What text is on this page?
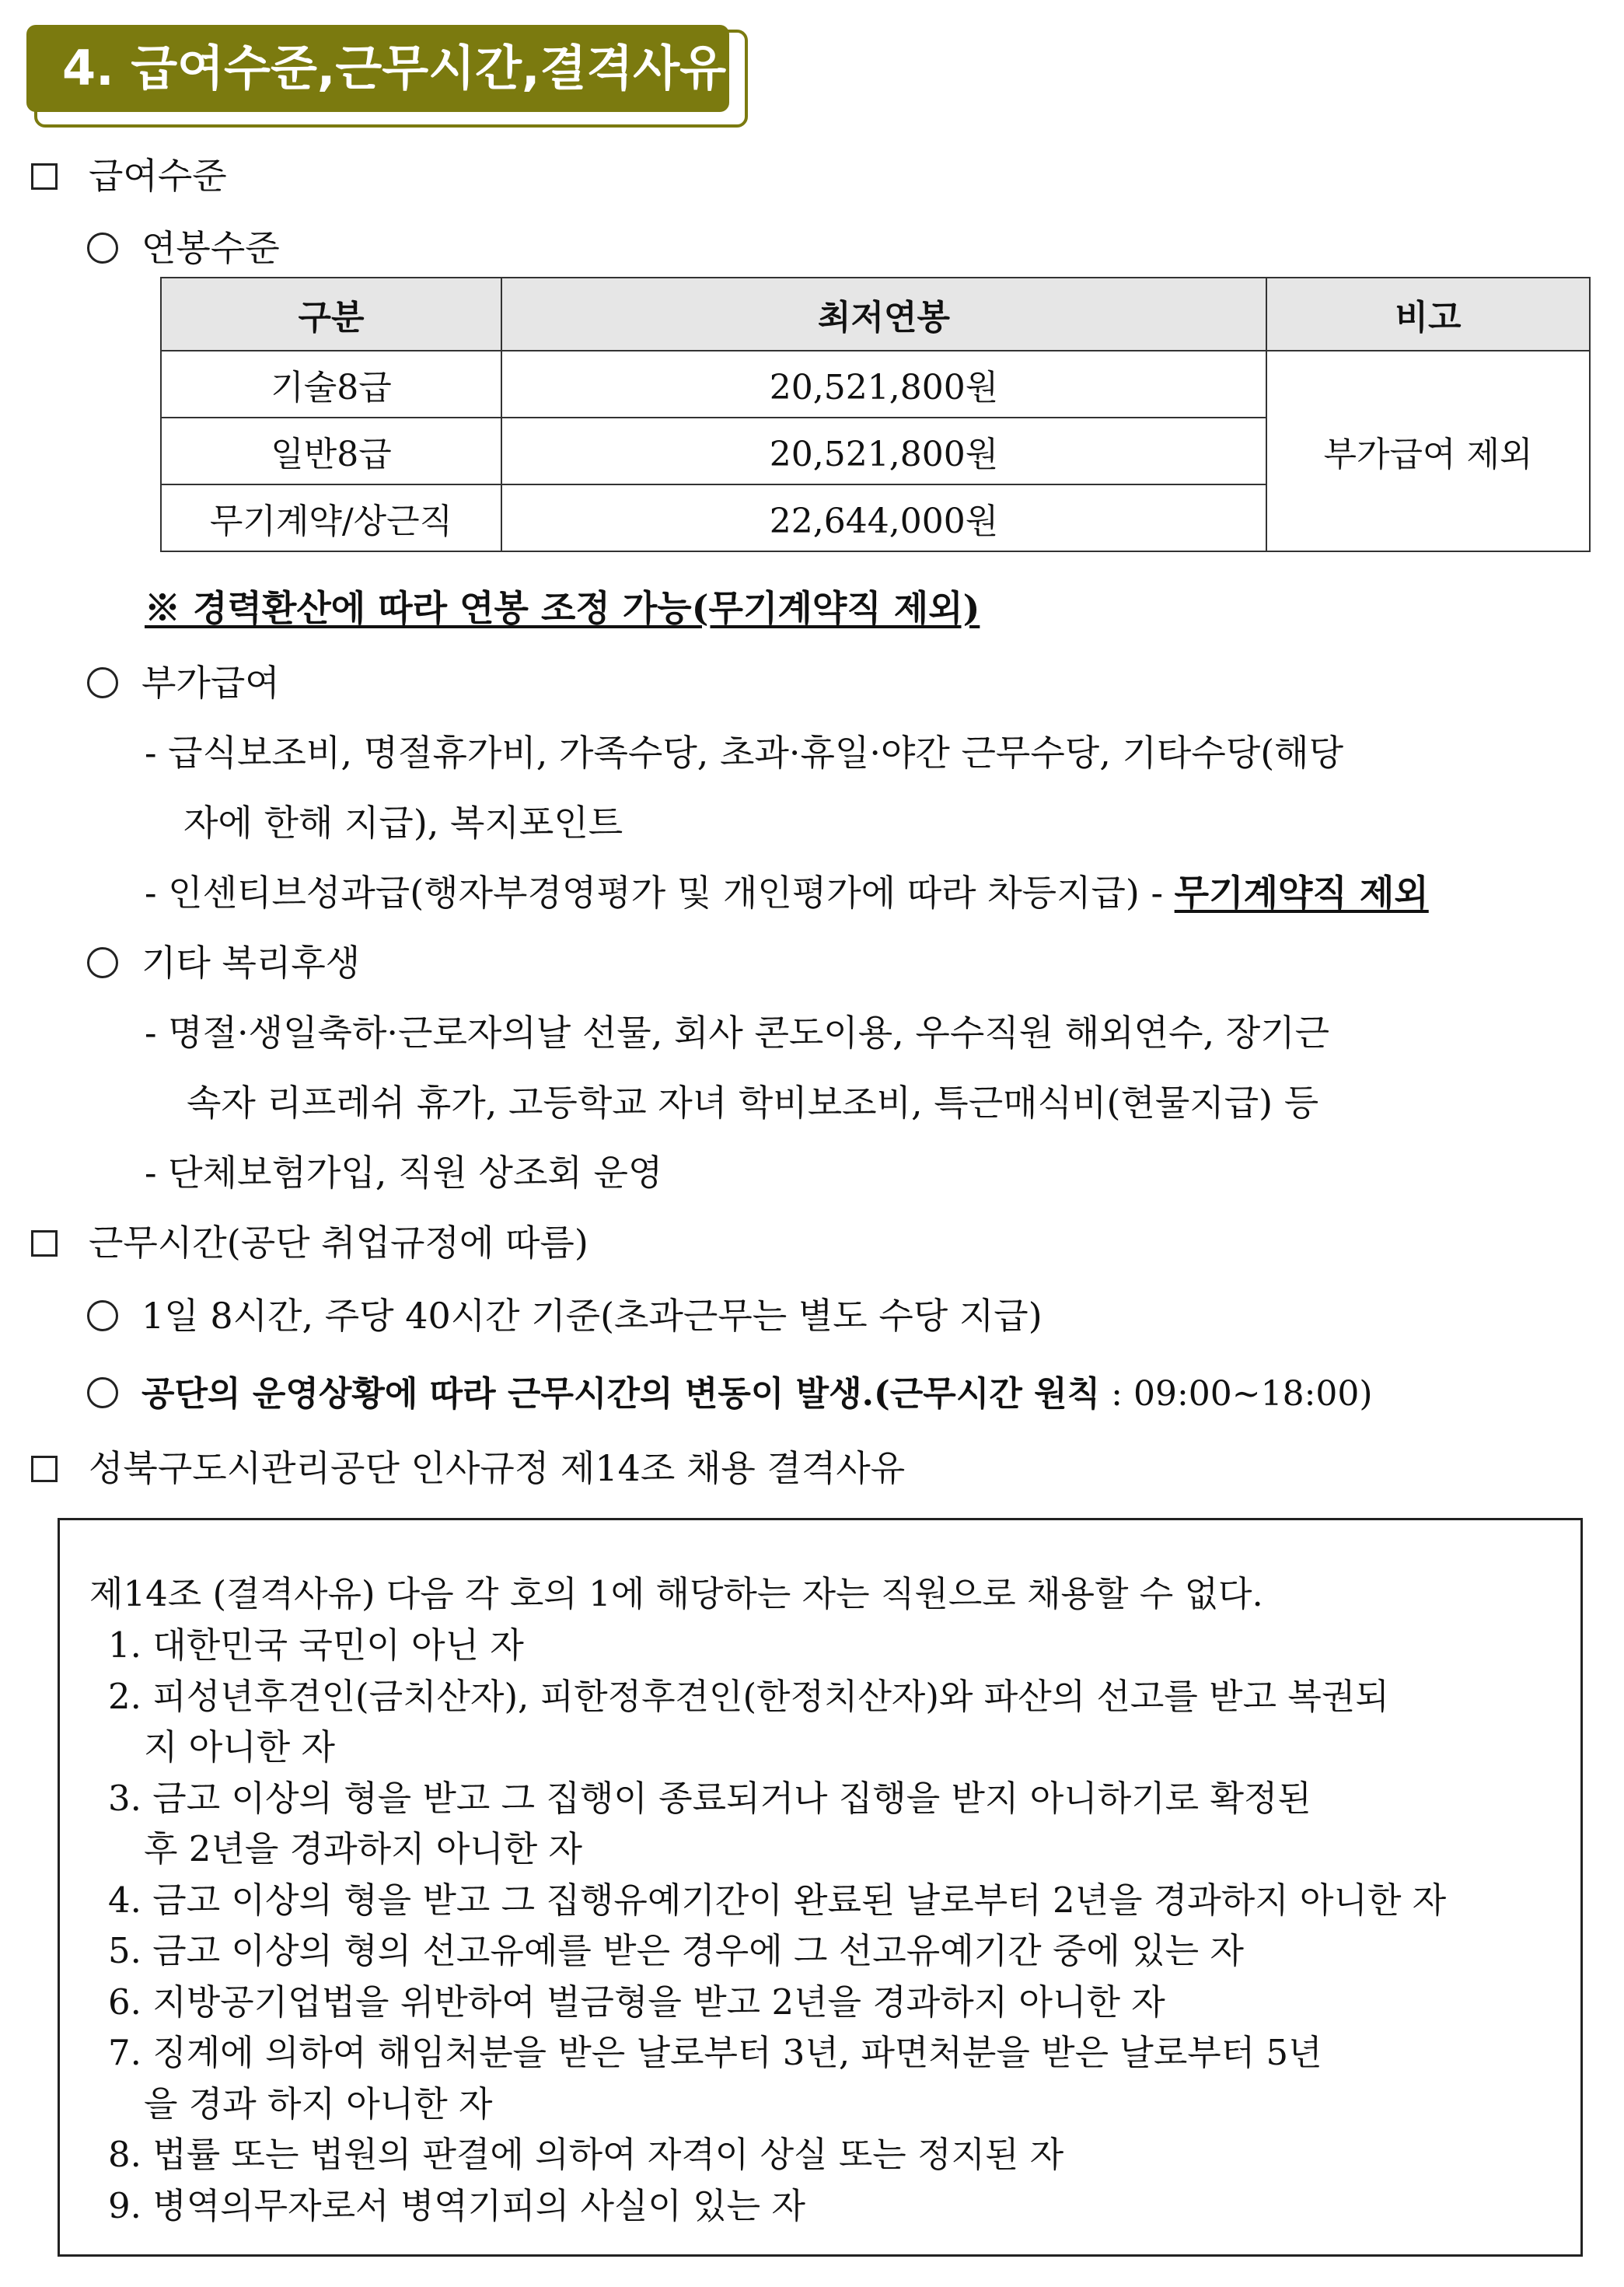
4. 급여수준,근무시간,결격사유
급여수준
연봉수준
구분	최저연봉	비고
기술8급	20,521,800원	부가급여 제외
일반8급	20,521,800원	
무기계약/상근직	22,644,000원	
※ 경력환산에 따라 연봉 조정 가능(무기계약직 제외)
부가급여
- 급식보조비, 명절휴가비, 가족수당, 초과·휴일·야간 근무수당, 기타수당(해당
자에 한해 지급), 복지포인트
- 인센티브성과급(행자부경영평가 및 개인평가에 따라 차등지급) - 무기계약직 제외
기타 복리후생
- 명절·생일축하·근로자의날 선물, 회사 콘도이용, 우수직원 해외연수, 장기근
속자 리프레쉬 휴가, 고등학교 자녀 학비보조비, 특근매식비(현물지급) 등
- 단체보험가입, 직원 상조회 운영
근무시간(공단 취업규정에 따름)
1일 8시간, 주당 40시간 기준(초과근무는 별도 수당 지급)
공단의 운영상황에 따라 근무시간의 변동이 발생.(근무시간 원칙 : 09:00~18:00)
성북구도시관리공단 인사규정 제14조 채용 결격사유
제14조 (결격사유) 다음 각 호의 1에 해당하는 자는 직원으로 채용할 수 없다.
1. 대한민국 국민이 아닌 자
2. 피성년후견인(금치산자), 피한정후견인(한정치산자)와 파산의 선고를 받고 복권되
지 아니한 자
3. 금고 이상의 형을 받고 그 집행이 종료되거나 집행을 받지 아니하기로 확정된
후 2년을 경과하지 아니한 자
4. 금고 이상의 형을 받고 그 집행유예기간이 완료된 날로부터 2년을 경과하지 아니한 자
5. 금고 이상의 형의 선고유예를 받은 경우에 그 선고유예기간 중에 있는 자
6. 지방공기업법을 위반하여 벌금형을 받고 2년을 경과하지 아니한 자
7. 징계에 의하여 해임처분을 받은 날로부터 3년, 파면처분을 받은 날로부터 5년
을 경과 하지 아니한 자
8. 법률 또는 법원의 판결에 의하여 자격이 상실 또는 정지된 자
9. 병역의무자로서 병역기피의 사실이 있는 자
